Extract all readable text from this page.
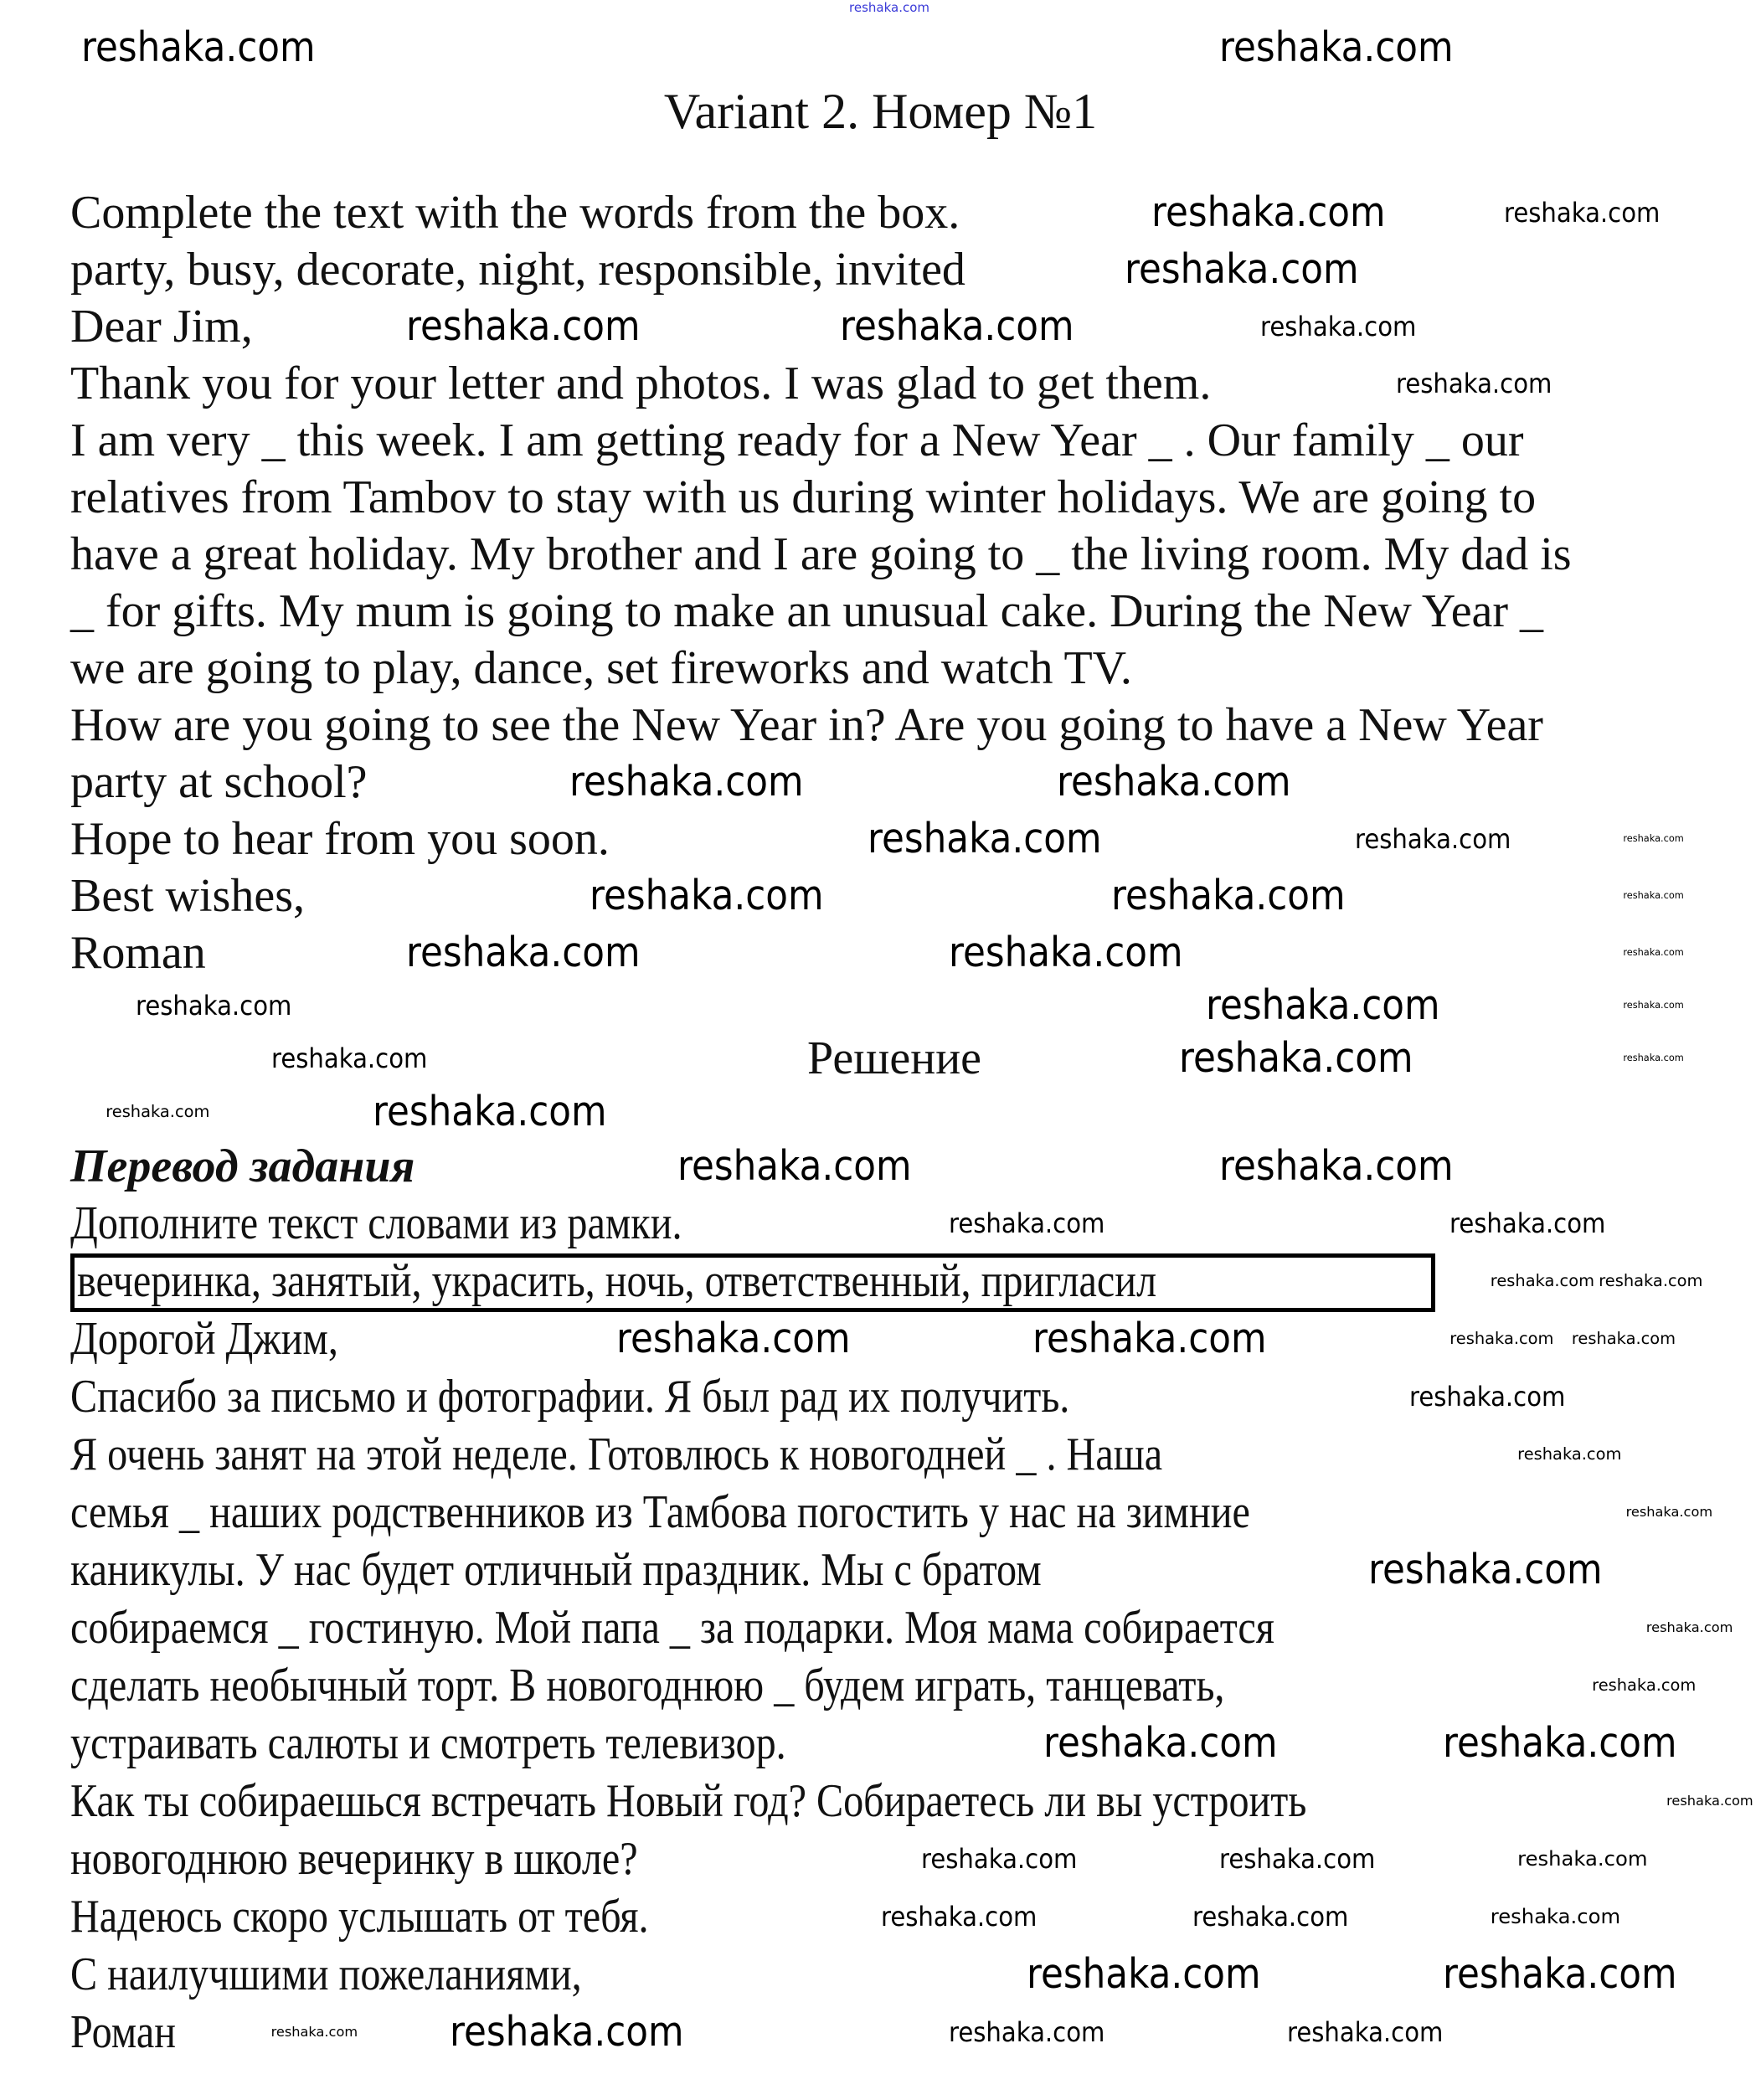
reshaka.com
Variant 2. Номер №1
Complete the text with the words from the box.
party, busy, decorate, night, responsible, invited
Dear Jim,
Thank you for your letter and photos. I was glad to get them.
I am very _ this week. I am getting ready for a New Year _ . Our family _ our
relatives from Tambov to stay with us during winter holidays. We are going to
have a great holiday. My brother and I are going to _ the living room. My dad is
_ for gifts. My mum is going to make an unusual cake. During the New Year _
we are going to play, dance, set fireworks and watch TV.
How are you going to see the New Year in? Are you going to have a New Year
party at school?
Hope to hear from you soon.
Best wishes,
Roman
Решение
Перевод задания
Дополните текст словами из рамки.
вечеринка, занятый, украсить, ночь, ответственный, пригласил
Дорогой Джим,
Спасибо за письмо и фотографии. Я был рад их получить.
Я очень занят на этой неделе. Готовлюсь к новогодней _ . Наша
семья _ наших родственников из Тамбова погостить у нас на зимние
каникулы. У нас будет отличный праздник. Мы с братом
собираемся _ гостиную. Мой папа _ за подарки. Моя мама собирается
сделать необычный торт. В новогоднюю _ будем играть, танцевать,
устраивать салюты и смотреть телевизор.
Как ты собираешься встречать Новый год? Собираетесь ли вы устроить
новогоднюю вечеринку в школе?
Надеюсь скоро услышать от тебя.
С наилучшими пожеланиями,
Роман
reshaka.com	reshaka.com
reshaka.com	reshaka.com
reshaka.com
reshaka.com	reshaka.com	reshaka.com
reshaka.com
reshaka.com	reshaka.com
reshaka.com	reshaka.com
reshaka.com	reshaka.com
reshaka.com	reshaka.com
reshaka.com
reshaka.com
reshaka.com
reshaka.com
reshaka.com
reshaka.com
reshaka.com
reshaka.com
reshaka.com
reshaka.com
reshaka.com
reshaka.com	reshaka.com
reshaka.com	reshaka.com
reshaka.com reshaka.com
reshaka.com	reshaka.com	reshaka.com reshaka.com
reshaka.com
reshaka.com
reshaka.com
reshaka.com
reshaka.com
reshaka.com
reshaka.com	reshaka.com
reshaka.com
reshaka.com	reshaka.com	reshaka.com
reshaka.com	reshaka.com	reshaka.com
reshaka.com	reshaka.com
reshaka.com reshaka.com	reshaka.com	reshaka.com
